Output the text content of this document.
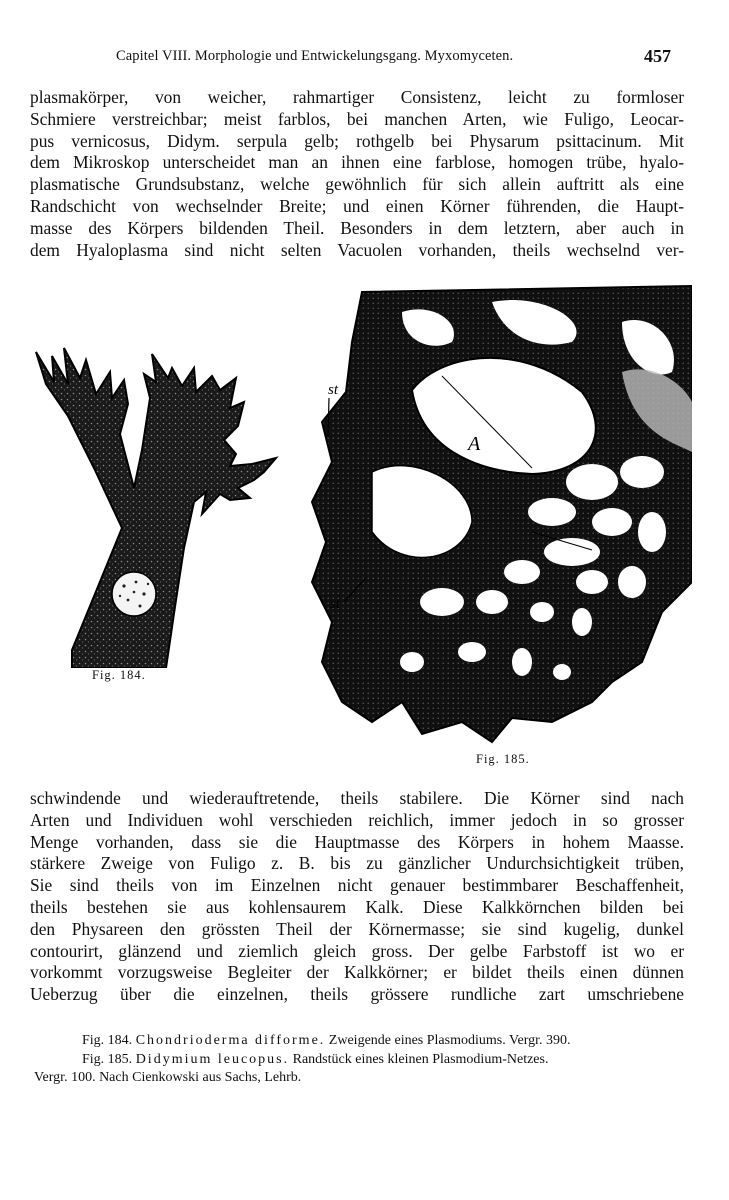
Capitel VIII. Morphologie und Entwickelungsgang. Myxomyceten.	457
plasmakörper, von weicher, rahmartiger Consistenz, leicht zu formloser
Schmiere verstreichbar; meist farblos, bei manchen Arten, wie Fuligo, Leocar-
pus vernicosus, Didym. serpula gelb; rothgelb bei Physarum psittacinum. Mit
dem Mikroskop unterscheidet man an ihnen eine farblose, homogen trübe, hyalo-
plasmatische Grundsubstanz, welche gewöhnlich für sich allein auftritt als eine
Randschicht von wechselnder Breite; und einen Körner führenden, die Haupt-
masse des Körpers bildenden Theil. Besonders in dem letztern, aber auch in
dem Hyaloplasma sind nicht selten Vacuolen vorhanden, theils wechselnd ver-
st
A
st
Fig. 184.
Fig. 185.
schwindende und wiederauftretende, theils stabilere. Die Körner sind nach
Arten und Individuen wohl verschieden reichlich, immer jedoch in so grosser
Menge vorhanden, dass sie die Hauptmasse des Körpers in hohem Maasse.
stärkere Zweige von Fuligo z. B. bis zu gänzlicher Undurchsichtigkeit trüben,
Sie sind theils von im Einzelnen nicht genauer bestimmbarer Beschaffenheit,
theils bestehen sie aus kohlensaurem Kalk. Diese Kalkkörnchen bilden bei
den Physareen den grössten Theil der Körnermasse; sie sind kugelig, dunkel
contourirt, glänzend und ziemlich gleich gross. Der gelbe Farbstoff ist wo er
vorkommt vorzugsweise Begleiter der Kalkkörner; er bildet theils einen dünnen
Ueberzug über die einzelnen, theils grössere rundliche zart umschriebene
Fig. 184. Chondrioderma difforme. Zweigende eines Plasmodiums. Vergr. 390.
Fig. 185. Didymium leucopus. Randstück eines kleinen Plasmodium-Netzes.
Vergr. 100. Nach Cienkowski aus Sachs, Lehrb.
